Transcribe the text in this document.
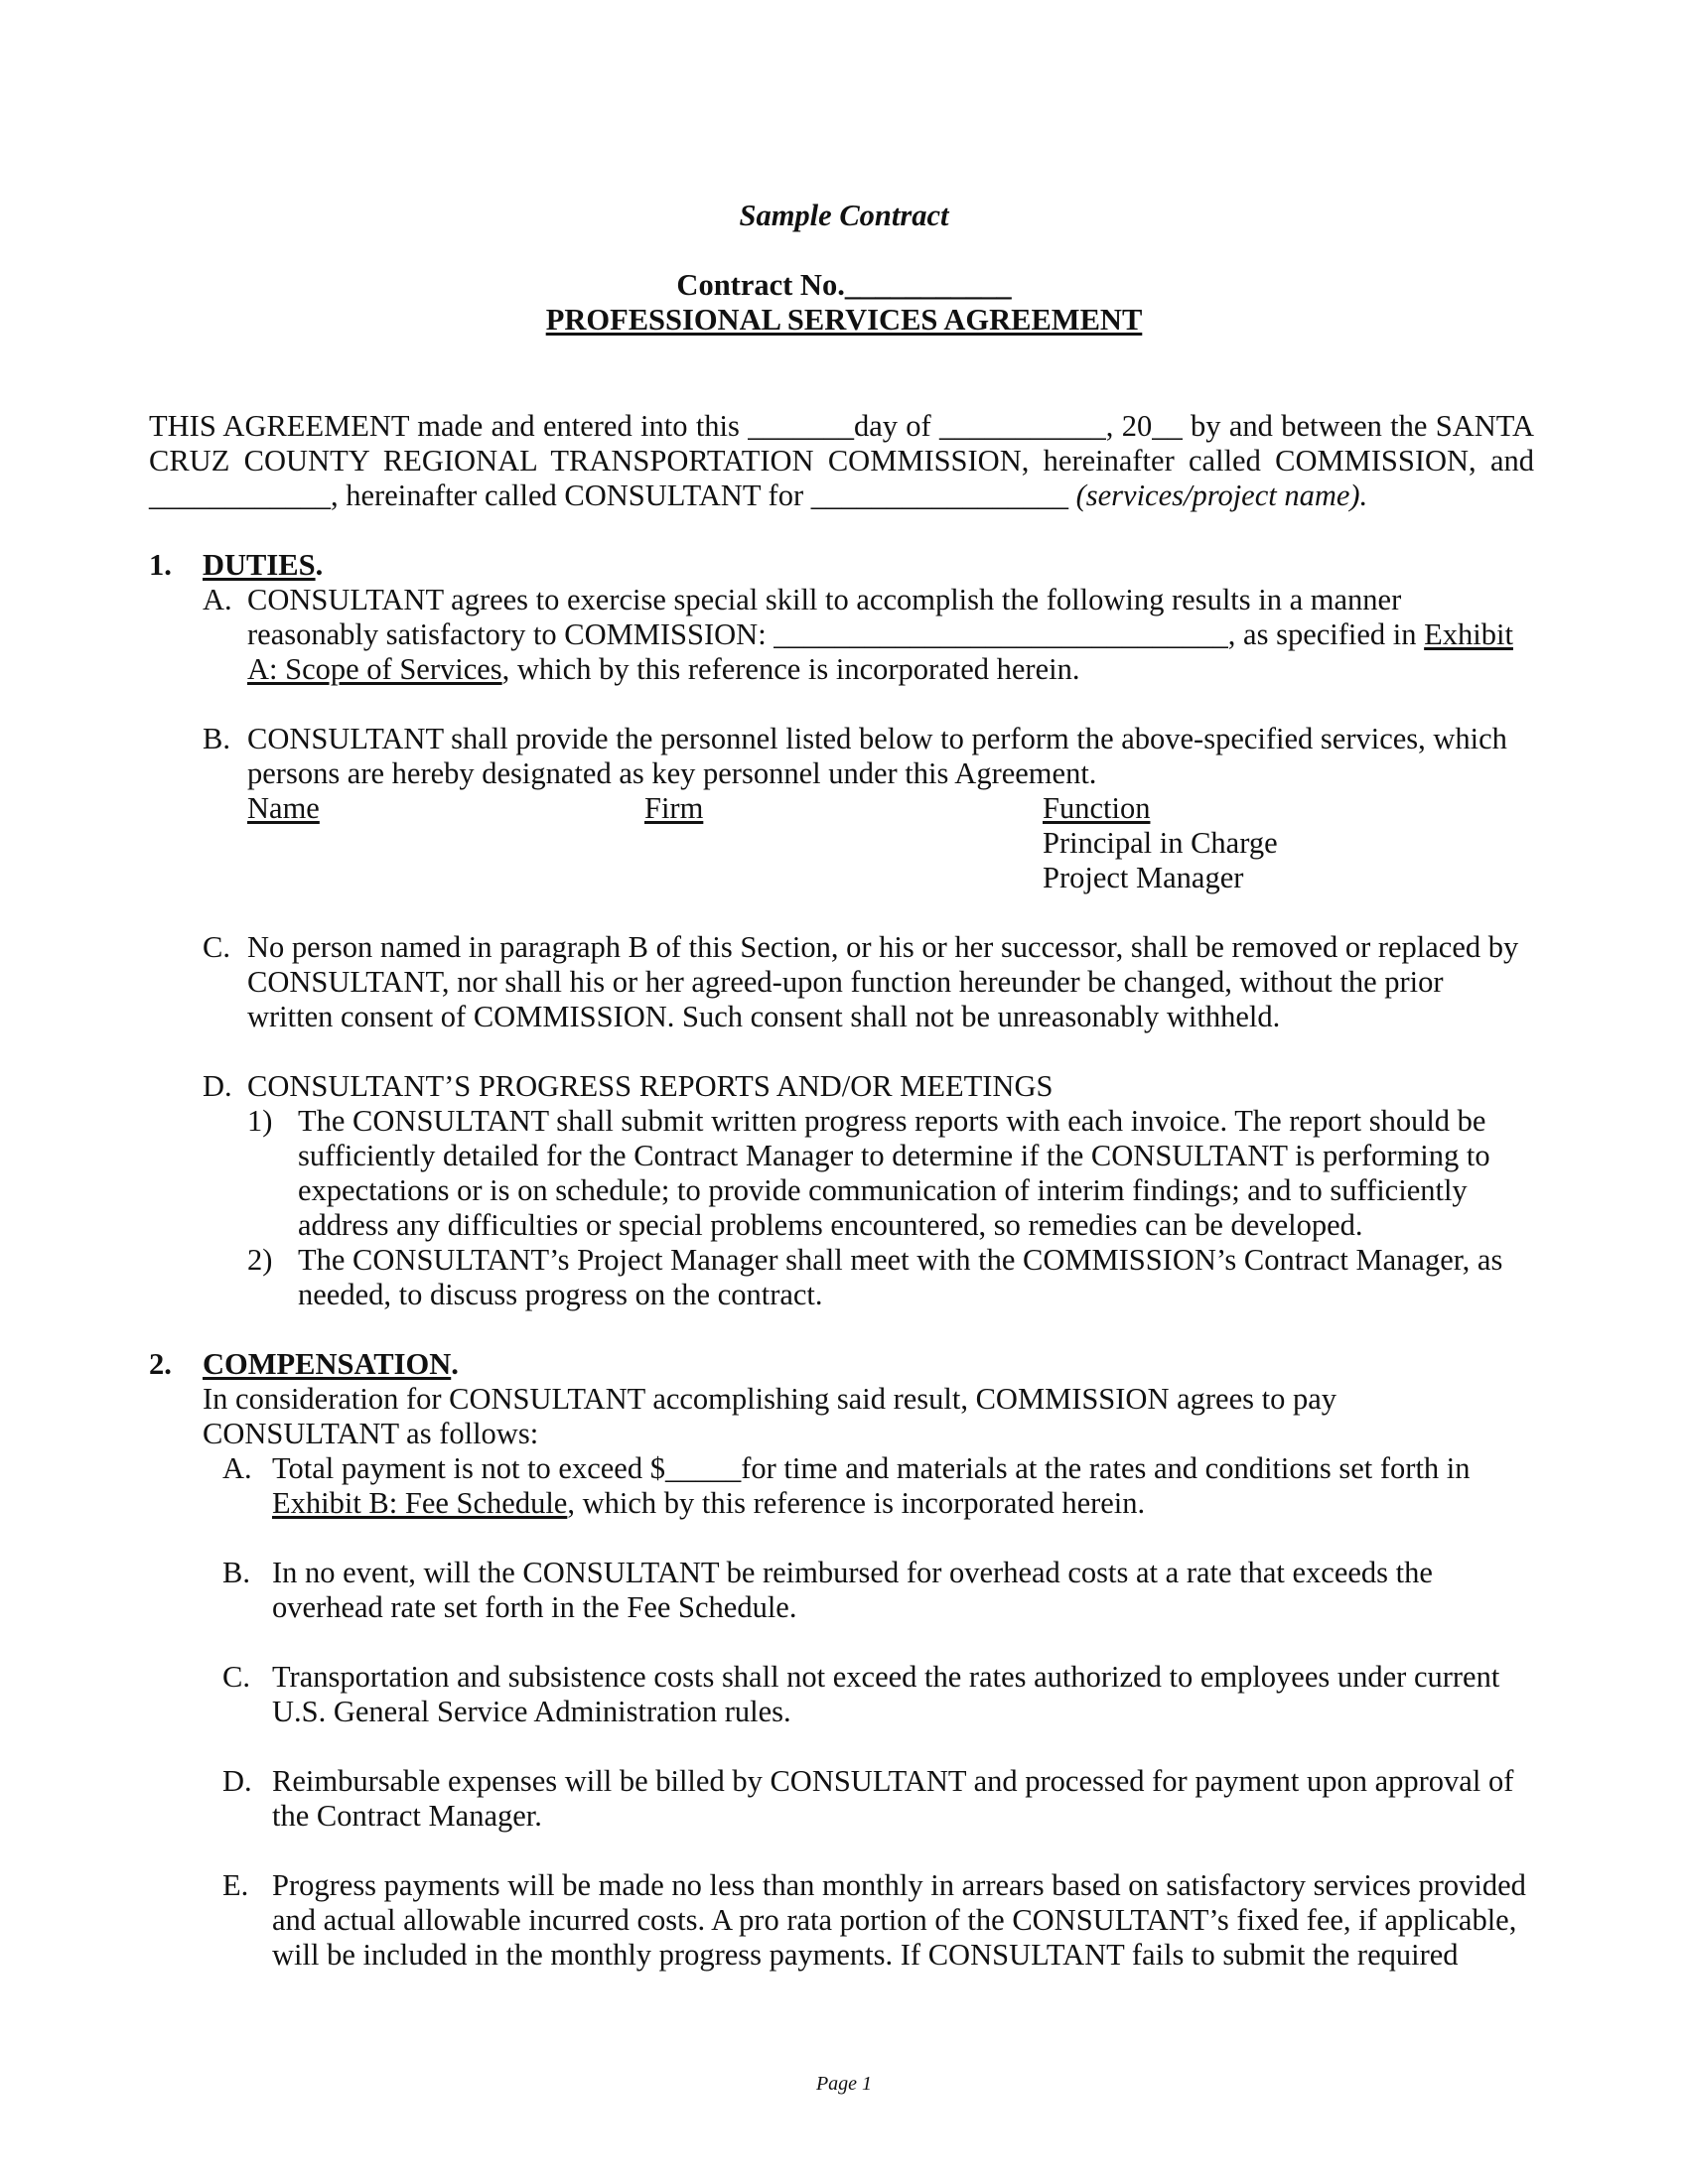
Sample Contract
Contract No.___________
PROFESSIONAL SERVICES AGREEMENT
THIS AGREEMENT made and entered into this _______day of ___________, 20__ by and between the SANTA
CRUZ COUNTY REGIONAL TRANSPORTATION COMMISSION, hereinafter called COMMISSION, and
____________, hereinafter called CONSULTANT for _________________ (services/project name).
1. DUTIES.
A. CONSULTANT agrees to exercise special skill to accomplish the following results in a manner
reasonably satisfactory to COMMISSION: ______________________________, as specified in Exhibit
A: Scope of Services, which by this reference is incorporated herein.
B. CONSULTANT shall provide the personnel listed below to perform the above-specified services, which
persons are hereby designated as key personnel under this Agreement.
Name	Firm	Function
Principal in Charge
Project Manager
C. No person named in paragraph B of this Section, or his or her successor, shall be removed or replaced by
CONSULTANT, nor shall his or her agreed-upon function hereunder be changed, without the prior
written consent of COMMISSION. Such consent shall not be unreasonably withheld.
D. CONSULTANT’S PROGRESS REPORTS AND/OR MEETINGS
1) The CONSULTANT shall submit written progress reports with each invoice. The report should be
sufficiently detailed for the Contract Manager to determine if the CONSULTANT is performing to
expectations or is on schedule; to provide communication of interim findings; and to sufficiently
address any difficulties or special problems encountered, so remedies can be developed.
2) The CONSULTANT’s Project Manager shall meet with the COMMISSION’s Contract Manager, as
needed, to discuss progress on the contract.
2. COMPENSATION.
In consideration for CONSULTANT accomplishing said result, COMMISSION agrees to pay
CONSULTANT as follows:
A. Total payment is not to exceed $_____for time and materials at the rates and conditions set forth in
Exhibit B: Fee Schedule, which by this reference is incorporated herein.
B. In no event, will the CONSULTANT be reimbursed for overhead costs at a rate that exceeds the
overhead rate set forth in the Fee Schedule.
C. Transportation and subsistence costs shall not exceed the rates authorized to employees under current
U.S. General Service Administration rules.
D. Reimbursable expenses will be billed by CONSULTANT and processed for payment upon approval of
the Contract Manager.
E. Progress payments will be made no less than monthly in arrears based on satisfactory services provided
and actual allowable incurred costs. A pro rata portion of the CONSULTANT’s fixed fee, if applicable,
will be included in the monthly progress payments. If CONSULTANT fails to submit the required
Page 1
